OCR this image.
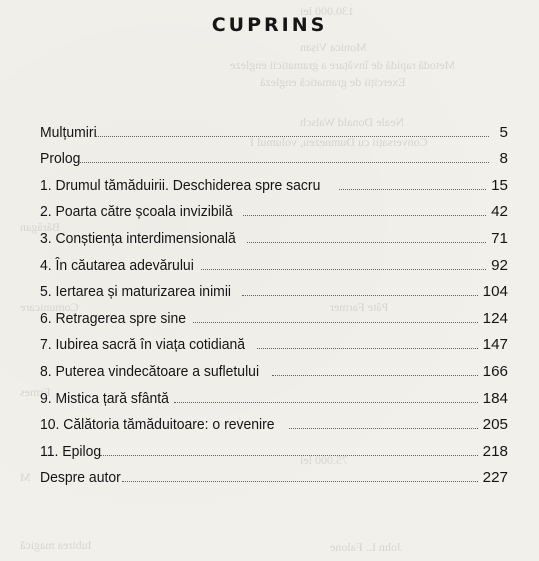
130.000 lei
Monica Vișan
Metodă rapidă de învățare a gramaticii engleze
Exerciții de gramatică engleză
Neale Donald Walsch
Conversații cu Dumnezeu, volumul I
Bărăgan
Comunicare	Pâte Farmer
Ermes
75.000 lei
M
Iubirea magică	John L. Falone
CUPRINS
Mulțumiri	5
Prolog	8
1. Drumul tămăduirii. Deschiderea spre sacru	15
2. Poarta către școala invizibilă	42
3. Conștiența interdimensională	71
4. În căutarea adevărului	92
5. Iertarea și maturizarea inimii	104
6. Retragerea spre sine	124
7. Iubirea sacră în viața cotidiană	147
8. Puterea vindecătoare a sufletului	166
9. Mistica țară sfântă	184
10. Călătoria tămăduitoare: o revenire	205
11. Epilog	218
Despre autor	227
